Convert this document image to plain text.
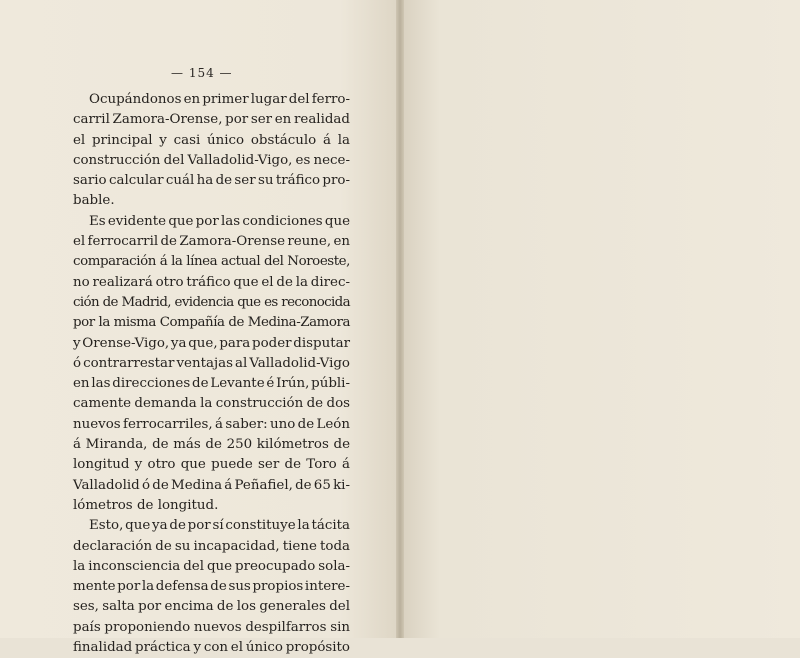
— 154 —
Ocupándonos en primer lugar del ferro-
carril Zamora-Orense, por ser en realidad
el principal y casi único obstáculo á la
construcción del Valladolid-Vigo, es nece-
sario calcular cuál ha de ser su tráfico pro-
bable.
Es evidente que por las condiciones que
el ferrocarril de Zamora-Orense reune, en
comparación á la línea actual del Noroeste,
no realizará otro tráfico que el de la direc-
ción de Madrid, evidencia que es reconocida
por la misma Compañía de Medina-Zamora
y Orense-Vigo, ya que, para poder disputar
ó contrarrestar ventajas al Valladolid-Vigo
en las direcciones de Levante é Irún, públi-
camente demanda la construcción de dos
nuevos ferrocarriles, á saber: uno de León
á Miranda, de más de 250 kilómetros de
longitud y otro que puede ser de Toro á
Valladolid ó de Medina á Peñafiel, de 65 ki-
lómetros de longitud.
Esto, que ya de por sí constituye la tácita
declaración de su incapacidad, tiene toda
la inconsciencia del que preocupado sola-
mente por la defensa de sus propios intere-
ses, salta por encima de los generales del
país proponiendo nuevos despilfarros sin
finalidad práctica y con el único propósito
